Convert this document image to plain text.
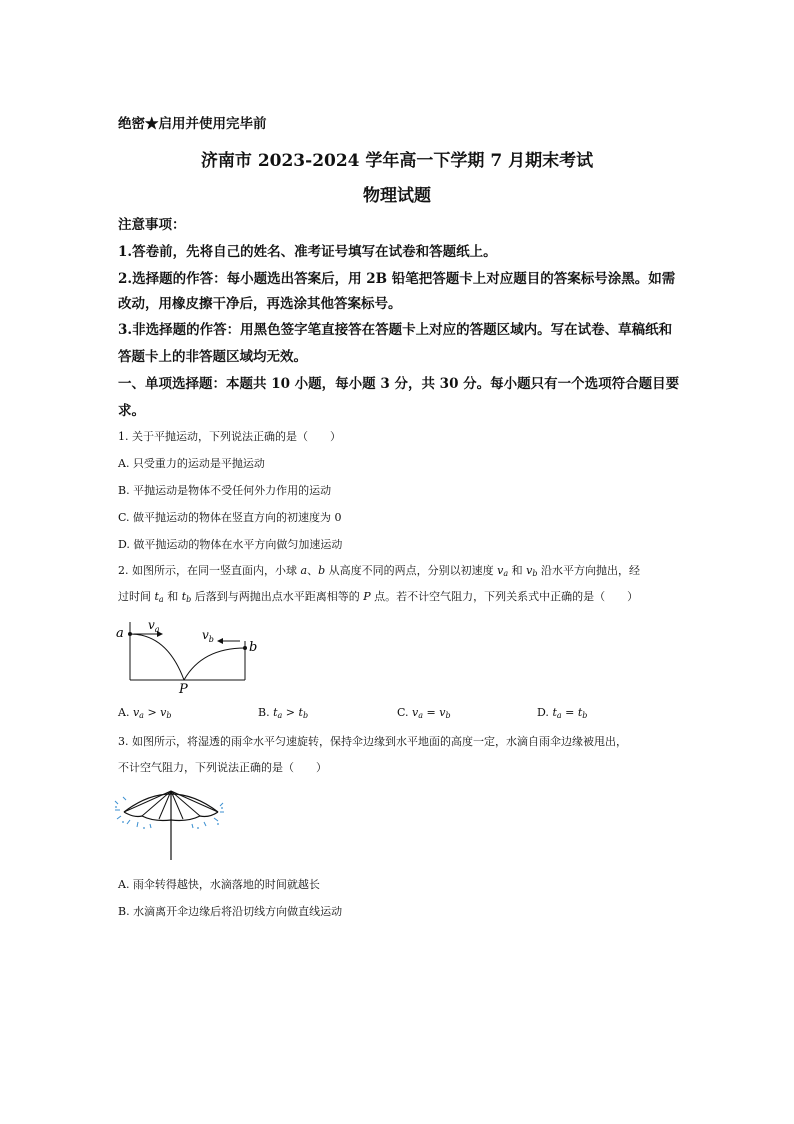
绝密★启用并使用完毕前
济南市 2023-2024 学年高一下学期 7 月期末考试
物理试题
注意事项：
1.答卷前，先将自己的姓名、准考证号填写在试卷和答题纸上。
2.选择题的作答：每小题选出答案后，用 2B 铅笔把答题卡上对应题目的答案标号涂黑。如需
改动，用橡皮擦干净后，再选涂其他答案标号。
3.非选择题的作答：用黑色签字笔直接答在答题卡上对应的答题区域内。写在试卷、草稿纸和
答题卡上的非答题区域均无效。
一、单项选择题：本题共 10 小题，每小题 3 分，共 30 分。每小题只有一个选项符合题目要
求。
1. 关于平抛运动，下列说法正确的是（　　）
A. 只受重力的运动是平抛运动
B. 平抛运动是物体不受任何外力作用的运动
C. 做平抛运动的物体在竖直方向的初速度为 0
D. 做平抛运动的物体在水平方向做匀加速运动
2. 如图所示，在同一竖直面内，小球 a、b 从高度不同的两点，分别以初速度 $v_a$ 和 $v_b$ 沿水平方向抛出，经
过时间 $t_a$ 和 $t_b$ 后落到与两抛出点水平距离相等的 P 点。若不计空气阻力，下列关系式中正确的是（　　）
a
b
$v_a$	$v_b$
P
A. $v_a > v_b$	B. $t_a > t_b$	C. $v_a = v_b$	D. $t_a = t_b$
3. 如图所示，将湿透的雨伞水平匀速旋转，保持伞边缘到水平地面的高度一定，水滴自雨伞边缘被甩出，
不计空气阻力，下列说法正确的是（　　）
A. 雨伞转得越快，水滴落地的时间就越长
B. 水滴离开伞边缘后将沿切线方向做直线运动
